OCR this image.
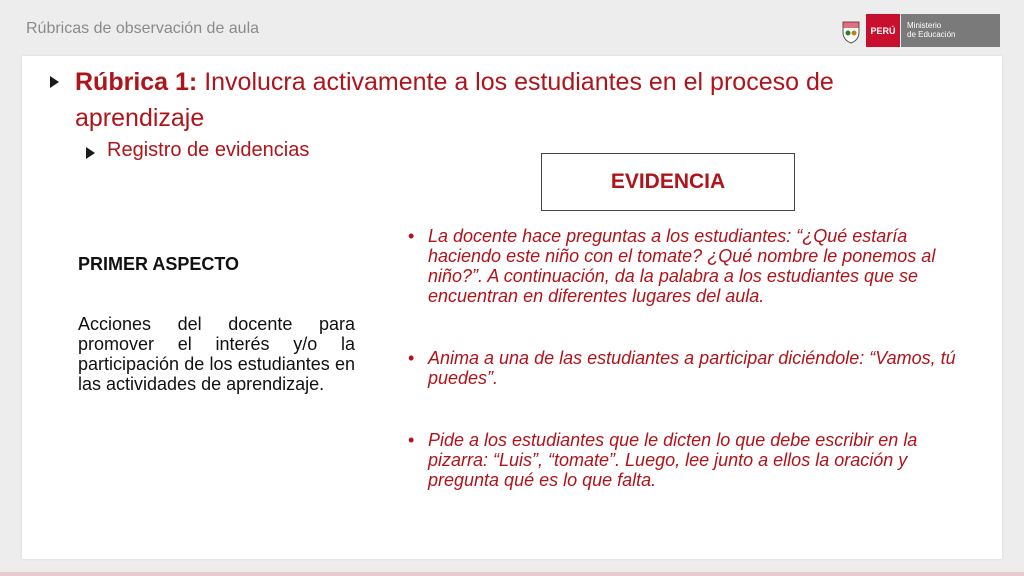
Rúbricas de observación de aula	PERÚ	Ministerio
de Educación
Rúbrica 1: Involucra activamente a los estudiantes en el proceso de aprendizaje
Registro de evidencias
EVIDENCIA
PRIMER ASPECTO
Acciones del docente para promover el interés y/o la participación de los estudiantes en las actividades de aprendizaje.
• La docente hace preguntas a los estudiantes: “¿Qué estaría haciendo este niño con el tomate? ¿Qué nombre le ponemos al niño?”. A continuación, da la palabra a los estudiantes que se encuentran en diferentes lugares del aula.
• Anima a una de las estudiantes a participar diciéndole: “Vamos, tú puedes”.
• Pide a los estudiantes que le dicten lo que debe escribir en la pizarra: “Luis”, “tomate”. Luego, lee junto a ellos la oración y pregunta qué es lo que falta.
